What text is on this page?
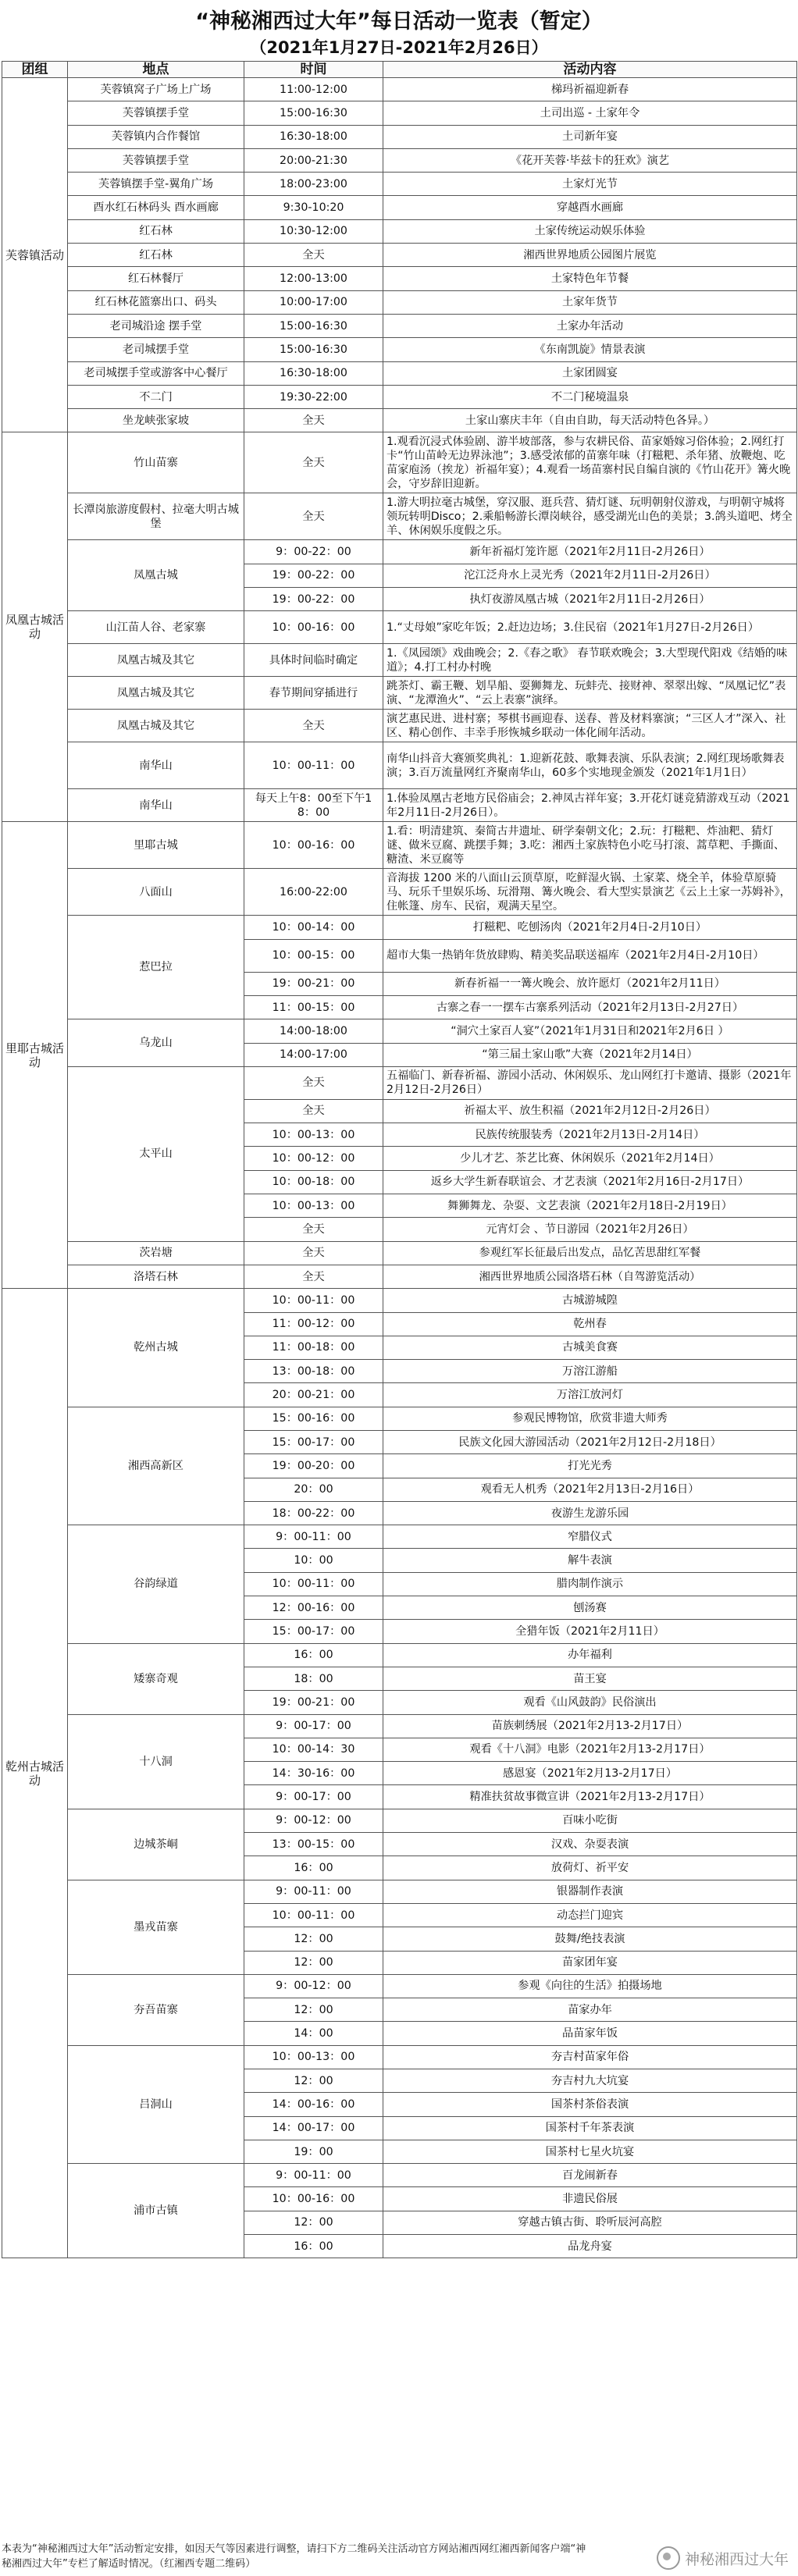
“神秘湘西过大年”每日活动一览表（暂定）
（2021年1月27日-2021年2月26日）
团组	地点	时间	活动内容
芙蓉镇活动	芙蓉镇窝子广场上广场	11:00-12:00	梯玛祈福迎新春
	芙蓉镇摆手堂	15:00-16:30	土司出巡 - 土家年令
	芙蓉镇内合作餐馆	16:30-18:00	土司新年宴
	芙蓉镇摆手堂	20:00-21:30	《花开芙蓉·毕兹卡的狂欢》演艺
	芙蓉镇摆手堂-翼角广场	18:00-23:00	土家灯光节
	酉水红石林码头 酉水画廊	9:30-10:20	穿越酉水画廊
	红石林	10:30-12:00	土家传统运动娱乐体验
	红石林	全天	湘西世界地质公园图片展览
	红石林餐厅	12:00-13:00	土家特色年节餐
	红石林花篮寨出口、码头	10:00-17:00	土家年货节
	老司城沿途 摆手堂	15:00-16:30	土家办年活动
	老司城摆手堂	15:00-16:30	《东南凯旋》情景表演
	老司城摆手堂或游客中心餐厅	16:30-18:00	土家团圆宴
	不二门	19:30-22:00	不二门秘境温泉
	坐龙峡张家坡	全天	土家山寨庆丰年（自由自助，每天活动特色各异。）
凤凰古城活动	竹山苗寨	全天	1.观看沉浸式体验剧、游半坡部落，参与农耕民俗、苗家婚嫁习俗体验；2.网红打卡“竹山苗岭无边界泳池”；3.感受浓郁的苗寨年味（打糍粑、杀年猪、放鞭炮、吃苗家庖汤（挨龙）祈福年宴）；4.观看一场苗寨村民自编自演的《竹山花开》篝火晚会，守岁辞旧迎新。
	长潭岗旅游度假村、拉毫大明古城堡	全天	1.游大明拉毫古城堡，穿汉服、逛兵营、猜灯谜、玩明朝射仪游戏，与明朝守城将领玩转明Disco；2.乘船畅游长潭岗峡谷，感受湖光山色的美景；3.鸽头道吧、烤全羊、休闲娱乐度假之乐。
	凤凰古城	9：00-22：00	新年祈福灯笼许愿（2021年2月11日-2月26日）
		19：00-22：00	沱江泛舟水上灵光秀（2021年2月11日-2月26日）
		19：00-22：00	执灯夜游凤凰古城（2021年2月11日-2月26日）
	山江苗人谷、老家寨	10：00-16：00	1.“丈母娘”家吃年饭；2.赶边边场；3.住民宿（2021年1月27日-2月26日）
	凤凰古城及其它	具体时间临时确定	1.《凤园颂》戏曲晚会；2.《春之歌》 春节联欢晚会；3.大型现代阳戏《结婚的味道》；4.打工村办村晚
	凤凰古城及其它	春节期间穿插进行	跳茶灯、霸王鞭、划旱船、耍狮舞龙、玩蚌壳、接财神、翠翠出嫁、“凤凰记忆”表演、“龙潭渔火”、“云上表寨”演绎。
	凤凰古城及其它	全天	演艺惠民进、进村寨；琴棋书画迎春、送春、普及材料寨演；“三区人才”深入、社区、精心创作、丰幸手形恢城乡联动一体化闹年活动。
	南华山	10：00-11：00	南华山抖音大赛颁奖典礼：1.迎新花鼓、歌舞表演、乐队表演；2.网红现场歌舞表演；3.百万流量网红齐聚南华山，60多个实地现金颁发（2021年1月1日）
	南华山	每天上午8：00至下午18：00	1.体验凤凰古老地方民俗庙会；2.神凤古祥年宴；3.开花灯谜竞猜游戏互动（2021年2月11日-2月26日）。
里耶古城活动	里耶古城	10：00-16：00	1.看：明清建筑、秦简古井遗址、研学秦朝文化；2.玩：打糍粑、炸油粑、猜灯谜、做米豆腐、跳摆手舞；3.吃：湘西土家族特色小吃马打滚、蒿草粑、手撕面、糖渣、米豆腐等
	八面山	16:00-22:00	音海拔 1200 米的八面山云顶草原，吃鲜湿火锅、土家菜、烧全羊，体验草原骑马、玩乐千里娱乐场、玩滑翔、篝火晚会、看大型实景演艺《云上土家一苏姆补》，住帐篷、房车、民宿，观满天星空。
	惹巴拉	10：00-14：00	打糍粑、吃刨汤肉（2021年2月4日-2月10日）
		10：00-15：00	超市大集一热销年货放肆购、精美奖品联送福库（2021年2月4日-2月10日）
		19：00-21：00	新春祈福一一篝火晚会、放许愿灯（2021年2月11日）
		11：00-15：00	古寨之春一一摆车古寨系列活动（2021年2月13日-2月27日）
	乌龙山	14:00-18:00	“洞穴土家百人宴”（2021年1月31日和2021年2月6日 ）
		14:00-17:00	“第三届土家山歌”大赛（2021年2月14日）
	太平山	全天	五福临门、新春祈福、游园小活动、休闲娱乐、龙山网红打卡邀请、摄影（2021年2月12日-2月26日）
		全天	祈福太平、放生积福（2021年2月12日-2月26日）
		10：00-13：00	民族传统服装秀（2021年2月13日-2月14日）
		10：00-12：00	少儿才艺、茶艺比赛、休闲娱乐（2021年2月14日）
		10：00-18：00	返乡大学生新春联谊会、才艺表演（2021年2月16日-2月17日）
		10：00-13：00	舞狮舞龙、杂耍、文艺表演（2021年2月18日-2月19日）
		全天	元宵灯会 、节日游园（2021年2月26日）
	茨岩塘	全天	参观红军长征最后出发点，品忆苦思甜红军餐
	洛塔石林	全天	湘西世界地质公园洛塔石林（自驾游览活动）
乾州古城活动	乾州古城	10：00-11：00	古城游城隍
		11：00-12：00	乾州春
		11：00-18：00	古城美食赛
		13：00-18：00	万溶江游船
		20：00-21：00	万溶江放河灯
	湘西高新区	15：00-16：00	参观民博物馆，欣赏非遗大师秀
		15：00-17：00	民族文化园大游园活动（2021年2月12日-2月18日）
		19：00-20：00	打光光秀
		20：00	观看无人机秀（2021年2月13日-2月16日）
		18：00-22：00	夜游生龙游乐园
	谷韵绿道	9：00-11：00	窄腊仪式
		10：00	解牛表演
		10：00-11：00	腊肉制作演示
		12：00-16：00	刨汤赛
		15：00-17：00	全猎年饭（2021年2月11日）
	矮寨奇观	16：00	办年福利
		18：00	苗王宴
		19：00-21：00	观看《山风鼓韵》民俗演出
	十八洞	9：00-17：00	苗族刺绣展（2021年2月13-2月17日）
		10：00-14：30	观看《十八洞》电影（2021年2月13-2月17日）
		14：30-16：00	感恩宴（2021年2月13-2月17日）
		9：00-17：00	精准扶贫故事微宣讲（2021年2月13-2月17日）
	边城茶峒	9：00-12：00	百味小吃街
		13：00-15：00	汉戏、杂耍表演
		16：00	放荷灯、祈平安
	墨戎苗寨	9：00-11：00	银器制作表演
		10：00-11：00	动态拦门迎宾
		12：00	鼓舞/绝技表演
		12：00	苗家团年宴
	夯吾苗寨	9：00-12：00	参观《向往的生活》拍摄场地
		12：00	苗家办年
		14：00	品苗家年饭
	吕洞山	10：00-13：00	夯吉村苗家年俗
		12：00	夯吉村九大坑宴
		14：00-16：00	国茶村茶俗表演
		14：00-17：00	国茶村千年茶表演
		19：00	国茶村七星火坑宴
	浦市古镇	9：00-11：00	百龙闹新春
		10：00-16：00	非遗民俗展
		12：00	穿越古镇古街、聆听辰河高腔
		16：00	品龙舟宴
本表为“神秘湘西过大年”活动暂定安排，如因天气等因素进行调整，请扫下方二维码关注活动官方网站湘西网红湘西新闻客户端“神秘湘西过大年”专栏了解适时情况。（红湘西专题二维码）	神秘湘西过大年
